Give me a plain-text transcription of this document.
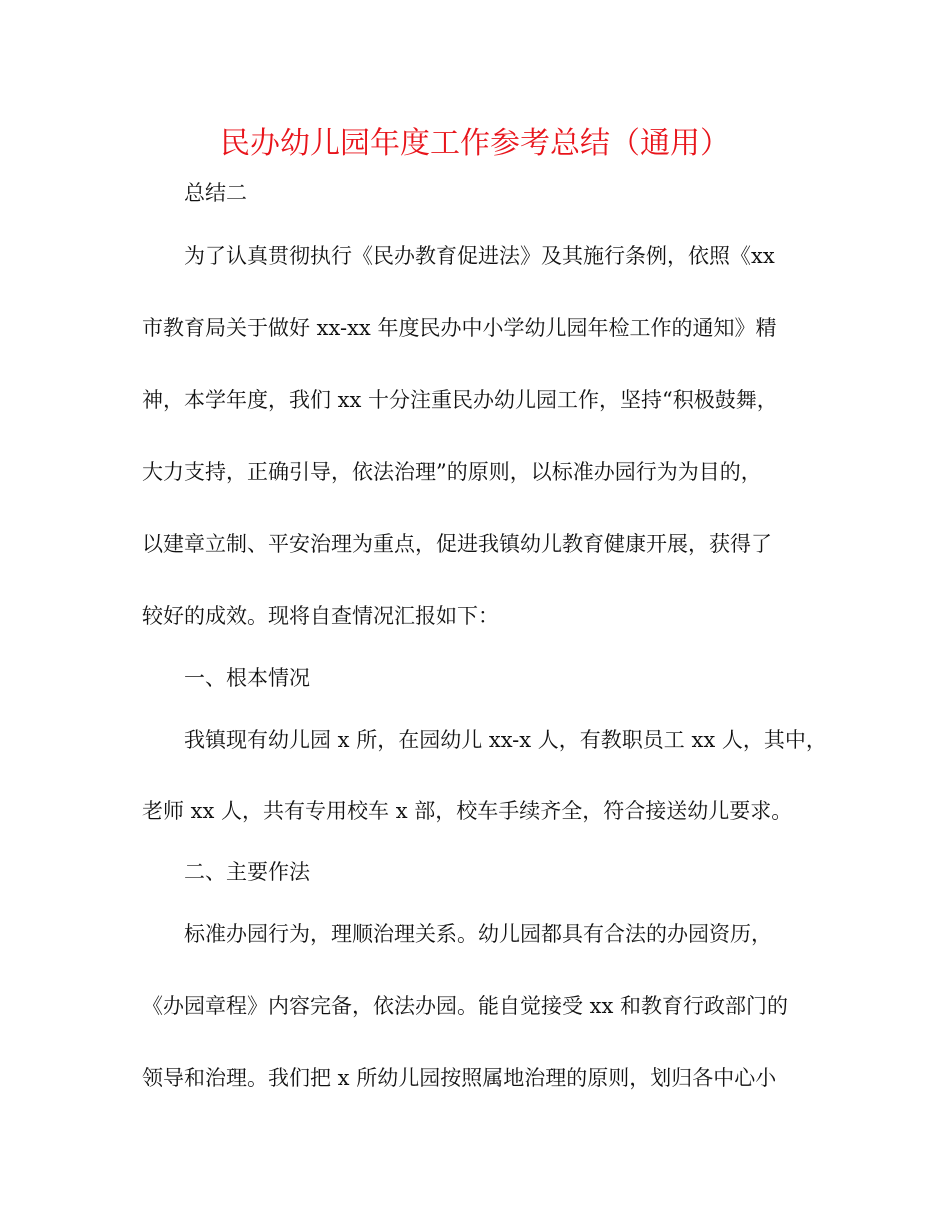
民办幼儿园年度工作参考总结（通用）
总结二
为了认真贯彻执行《民办教育促进法》及其施行条例，依照《xx
市教育局关于做好 xx-xx 年度民办中小学幼儿园年检工作的通知》精
神，本学年度，我们 xx 十分注重民办幼儿园工作，坚持“积极鼓舞，
大力支持，正确引导，依法治理”的原则，以标准办园行为为目的，
以建章立制、平安治理为重点，促进我镇幼儿教育健康开展，获得了
较好的成效。现将自查情况汇报如下：
一、根本情况
我镇现有幼儿园 x 所，在园幼儿 xx-x 人，有教职员工 xx 人，其中，
老师 xx 人，共有专用校车 x 部，校车手续齐全，符合接送幼儿要求。
二、主要作法
标准办园行为，理顺治理关系。幼儿园都具有合法的办园资历，
《办园章程》内容完备，依法办园。能自觉接受 xx 和教育行政部门的
领导和治理。我们把 x 所幼儿园按照属地治理的原则，划归各中心小
